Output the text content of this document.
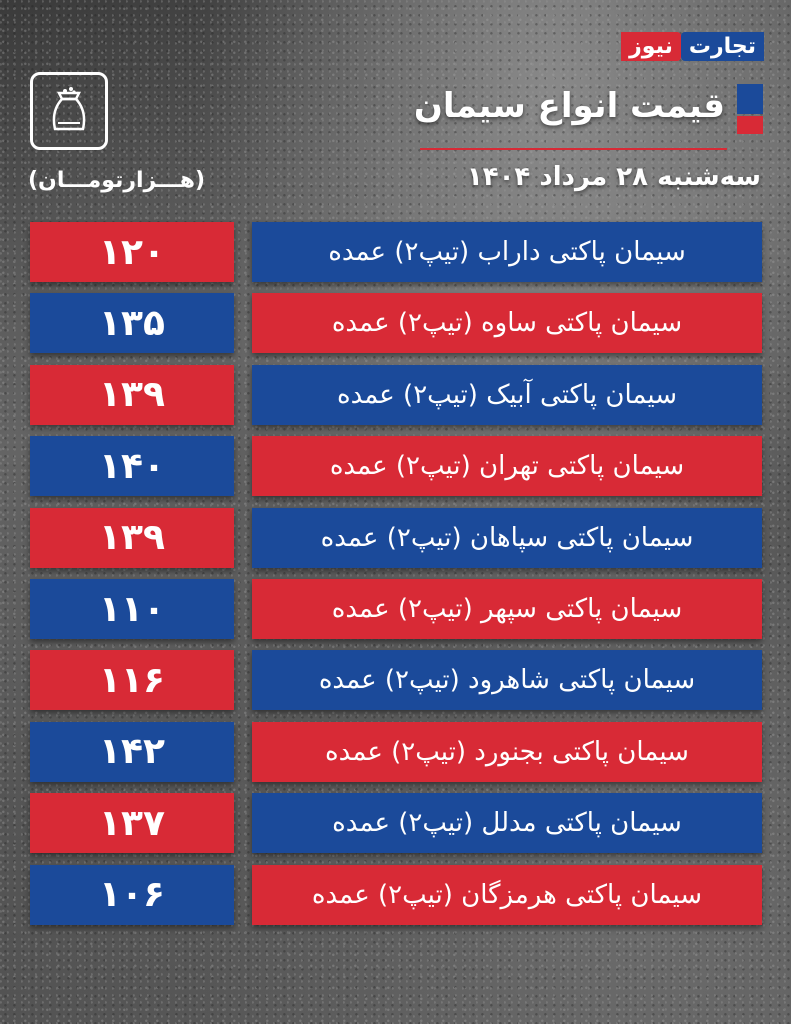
تجارت
نیوز
قیمت انواع سیمان
سه‌شنبه ۲۸ مرداد ۱۴۰۴
(هـــزارتومـــان)
۱۲۰	سیمان پاکتی داراب (تیپ۲) عمده
۱۳۵	سیمان پاکتی ساوه (تیپ۲) عمده
۱۳۹	سیمان پاکتی آبیک (تیپ۲) عمده
۱۴۰	سیمان پاکتی تهران (تیپ۲) عمده
۱۳۹	سیمان پاکتی سپاهان (تیپ۲) عمده
۱۱۰	سیمان پاکتی سپهر (تیپ۲) عمده
۱۱۶	سیمان پاکتی شاهرود (تیپ۲) عمده
۱۴۲	سیمان پاکتی بجنورد (تیپ۲) عمده
۱۳۷	سیمان پاکتی مدلل (تیپ۲) عمده
۱۰۶	سیمان پاکتی هرمزگان (تیپ۲) عمده
